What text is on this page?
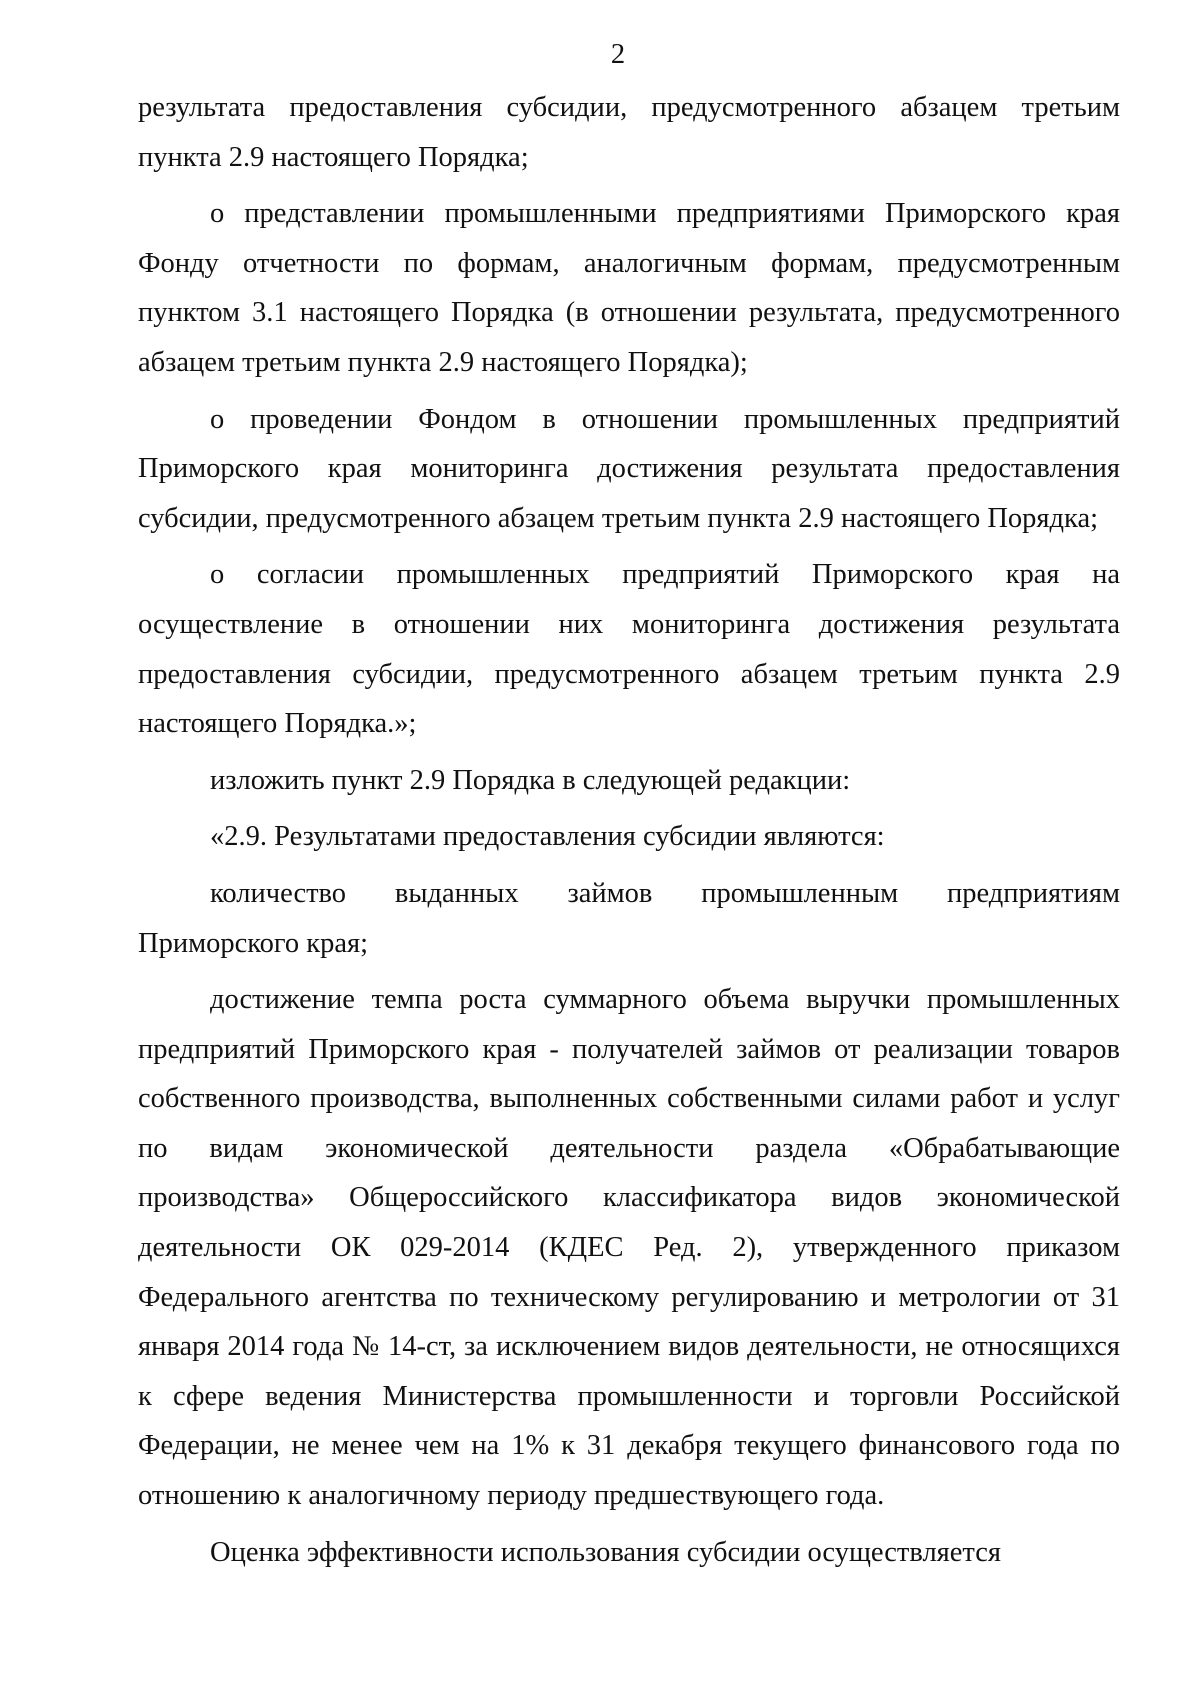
2

результата предоставления субсидии, предусмотренного абзацем третьим пункта 2.9 настоящего Порядка;

о представлении промышленными предприятиями Приморского края Фонду отчетности по формам, аналогичным формам, предусмотренным пунктом 3.1 настоящего Порядка (в отношении результата, предусмотренного абзацем третьим пункта 2.9 настоящего Порядка);

о проведении Фондом в отношении промышленных предприятий Приморского края мониторинга достижения результата предоставления субсидии, предусмотренного абзацем третьим пункта 2.9 настоящего Порядка;

о согласии промышленных предприятий Приморского края на осуществление в отношении них мониторинга достижения результата предоставления субсидии, предусмотренного абзацем третьим пункта 2.9 настоящего Порядка.»;

изложить пункт 2.9 Порядка в следующей редакции:

«2.9. Результатами предоставления субсидии являются:

количество выданных займов промышленным предприятиям Приморского края;

достижение темпа роста суммарного объема выручки промышленных предприятий Приморского края - получателей займов от реализации товаров собственного производства, выполненных собственными силами работ и услуг по видам экономической деятельности раздела «Обрабатывающие производства» Общероссийского классификатора видов экономической деятельности ОК 029-2014 (КДЕС Ред. 2), утвержденного приказом Федерального агентства по техническому регулированию и метрологии от 31 января 2014 года № 14-ст, за исключением видов деятельности, не относящихся к сфере ведения Министерства промышленности и торговли Российской Федерации, не менее чем на 1% к 31 декабря текущего финансового года по отношению к аналогичному периоду предшествующего года.

Оценка эффективности использования субсидии осуществляется
